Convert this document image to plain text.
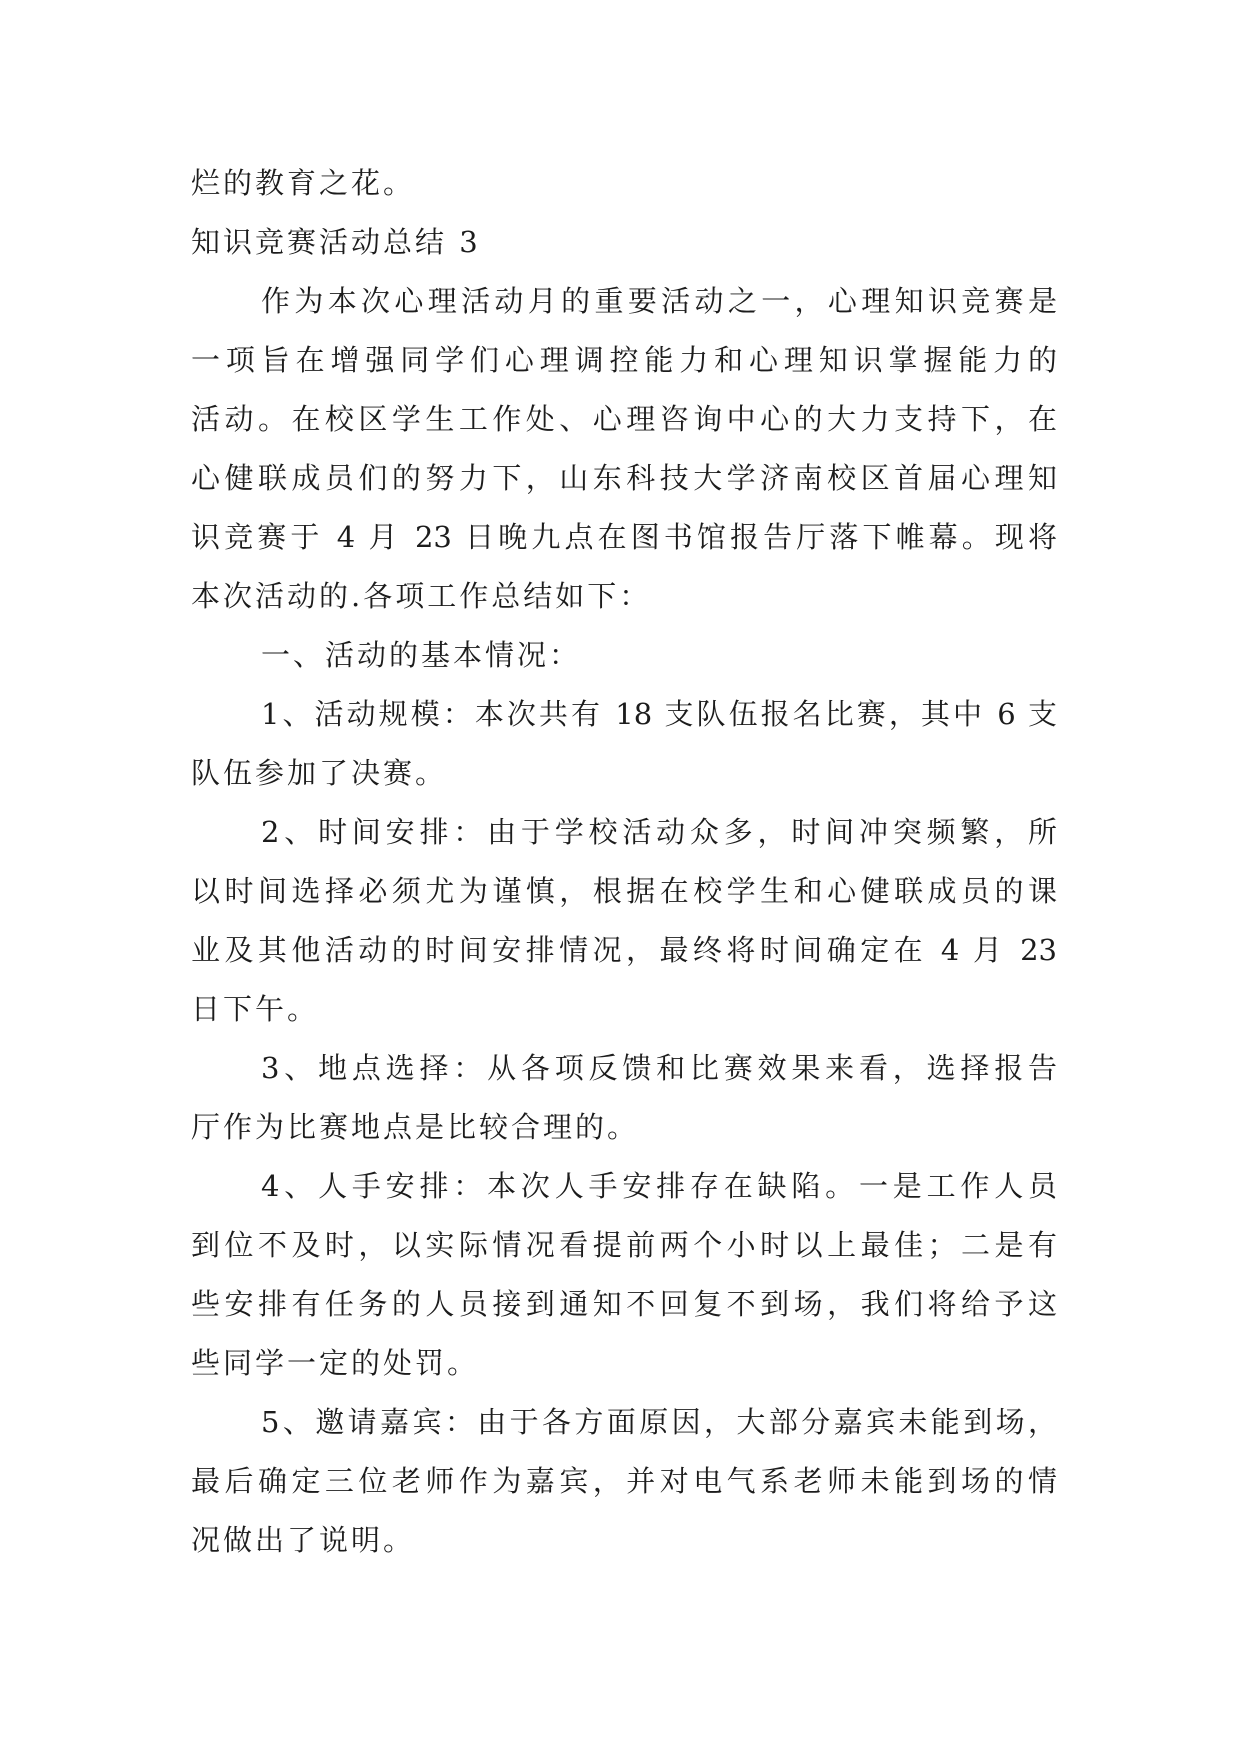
烂的教育之花。

知识竞赛活动总结 3

作为本次心理活动月的重要活动之一，心理知识竞赛是
一项旨在增强同学们心理调控能力和心理知识掌握能力的
活动。在校区学生工作处、心理咨询中心的大力支持下，在
心健联成员们的努力下，山东科技大学济南校区首届心理知
识竞赛于 4 月 23 日晚九点在图书馆报告厅落下帷幕。现将
本次活动的.各项工作总结如下：

一、活动的基本情况：

1、活动规模：本次共有 18 支队伍报名比赛，其中 6 支
队伍参加了决赛。

2、时间安排：由于学校活动众多，时间冲突频繁，所
以时间选择必须尤为谨慎，根据在校学生和心健联成员的课
业及其他活动的时间安排情况，最终将时间确定在 4 月 23
日下午。

3、地点选择：从各项反馈和比赛效果来看，选择报告
厅作为比赛地点是比较合理的。

4、人手安排：本次人手安排存在缺陷。一是工作人员
到位不及时，以实际情况看提前两个小时以上最佳；二是有
些安排有任务的人员接到通知不回复不到场，我们将给予这
些同学一定的处罚。

5、邀请嘉宾：由于各方面原因，大部分嘉宾未能到场，
最后确定三位老师作为嘉宾，并对电气系老师未能到场的情
况做出了说明。
